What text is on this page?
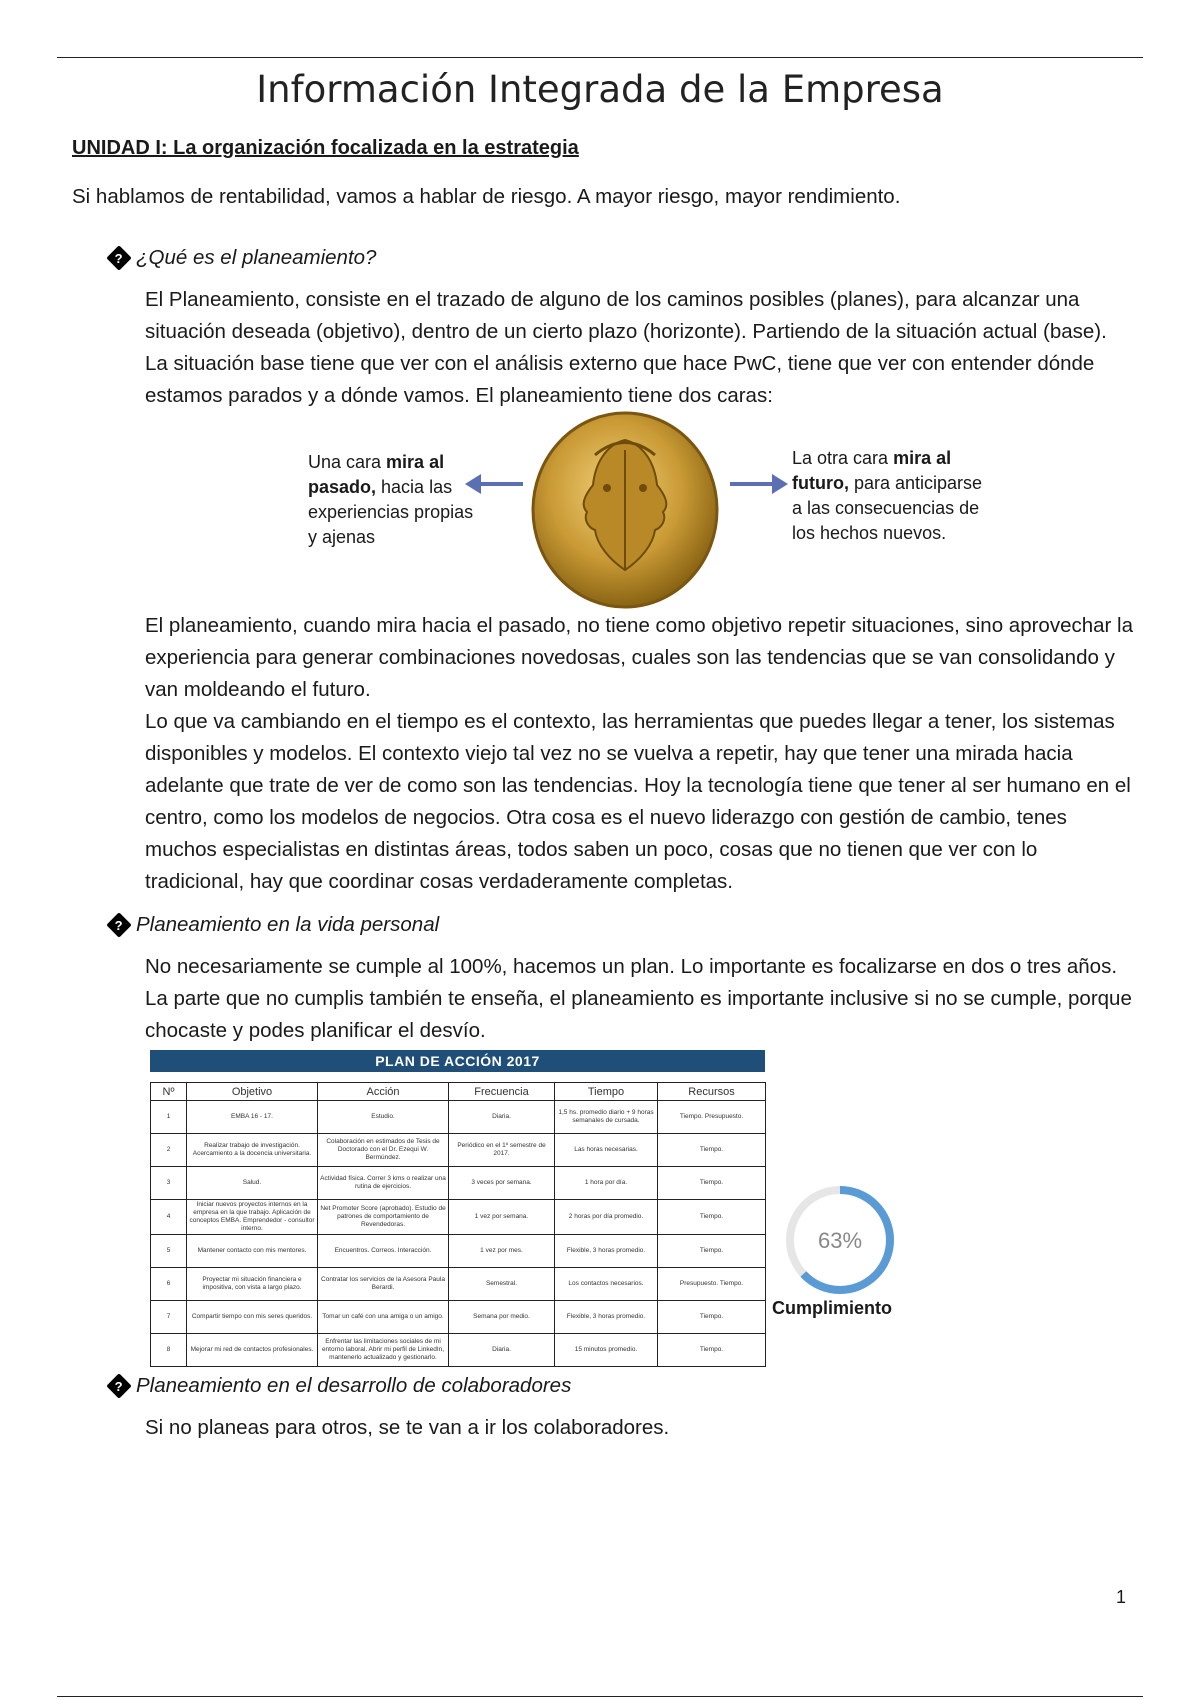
Información Integrada de la Empresa
UNIDAD I: La organización focalizada en la estrategia
Si hablamos de rentabilidad, vamos a hablar de riesgo. A mayor riesgo, mayor rendimiento.
? ¿Qué es el planeamiento?

El Planeamiento, consiste en el trazado de alguno de los caminos posibles (planes), para alcanzar una situación deseada (objetivo), dentro de un cierto plazo (horizonte). Partiendo de la situación actual (base). La situación base tiene que ver con el análisis externo que hace PwC, tiene que ver con entender dónde estamos parados y a dónde vamos. El planeamiento tiene dos caras:

Una cara mira al pasado, hacia las experiencias propias y ajenas
La otra cara mira al futuro, para anticiparse a las consecuencias de los hechos nuevos.

El planeamiento, cuando mira hacia el pasado, no tiene como objetivo repetir situaciones, sino aprovechar la experiencia para generar combinaciones novedosas, cuales son las tendencias que se van consolidando y van moldeando el futuro.

Lo que va cambiando en el tiempo es el contexto, las herramientas que puedes llegar a tener, los sistemas disponibles y modelos. El contexto viejo tal vez no se vuelva a repetir, hay que tener una mirada hacia adelante que trate de ver de como son las tendencias. Hoy la tecnología tiene que tener al ser humano en el centro, como los modelos de negocios. Otra cosa es el nuevo liderazgo con gestión de cambio, tenes muchos especialistas en distintas áreas, todos saben un poco, cosas que no tienen que ver con lo tradicional, hay que coordinar cosas verdaderamente completas.

? Planeamiento en la vida personal

No necesariamente se cumple al 100%, hacemos un plan. Lo importante es focalizarse en dos o tres años. La parte que no cumplis también te enseña, el planeamiento es importante inclusive si no se cumple, porque chocaste y podes planificar el desvío.

PLAN DE ACCIÓN 2017
Nº	Objetivo	Acción	Frecuencia	Tiempo	Recursos
1	EMBA 16 - 17.	Estudio.	Diaria.	1,5 hs. promedio diario + 9 horas semanales de cursada.	Tiempo. Presupuesto.
2	Realizar trabajo de investigación. Acercamiento a la docencia universitaria.	Colaboración en estimados de Tesis de Doctorado con el Dr. Ezequi W. Bermúndez.	Periódico en el 1º semestre de 2017.	Las horas necesarias.	Tiempo.
3	Salud.	Actividad física. Correr 3 kms o realizar una rutina de ejercicios.	3 veces por semana.	1 hora por día.	Tiempo.
4	Iniciar nuevos proyectos internos en la empresa en la que trabajo. Aplicación de conceptos EMBA. Emprendedor - consultor interno.	Net Promoter Score (aprobado). Estudio de patrones de comportamiento de Revendedoras.	1 vez por semana.	2 horas por día promedio.	Tiempo.
5	Mantener contacto con mis mentores.	Encuentros. Correos. Interacción.	1 vez por mes.	Flexible, 3 horas promedio.	Tiempo.
6	Proyectar mi situación financiera e impositiva, con vista a largo plazo.	Contratar los servicios de la Asesora Paula Berardi.	Semestral.	Los contactos necesarios.	Presupuesto. Tiempo.
7	Compartir tiempo con mis seres queridos.	Tomar un café con una amiga o un amigo.	Semana por medio.	Flexible, 3 horas promedio.	Tiempo.
8	Mejorar mi red de contactos profesionales.	Enfrentar las limitaciones sociales de mi entorno laboral. Abrir mi perfil de LinkedIn, mantenerlo actualizado y gestionarlo.	Diaria.	15 minutos promedio.	Tiempo.
63%
Cumplimiento
? Planeamiento en el desarrollo de colaboradores

Si no planeas para otros, se te van a ir los colaboradores.

1
